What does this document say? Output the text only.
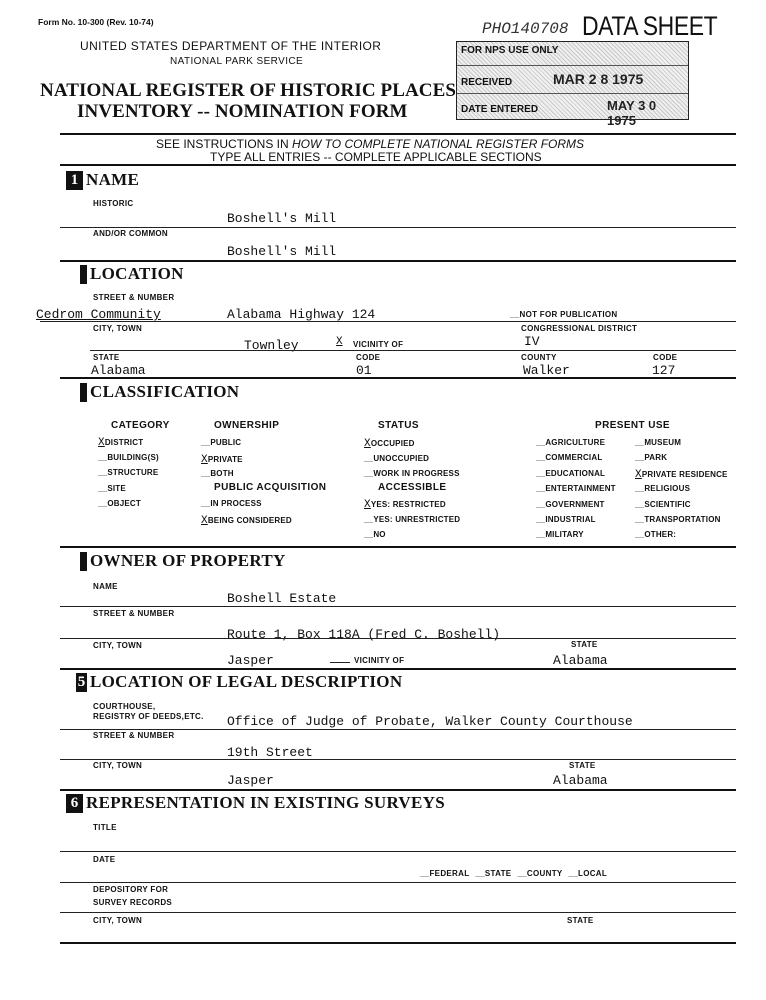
Form No. 10-300 (Rev. 10-74)	PHO140708 DATA SHEET
UNITED STATES DEPARTMENT OF THE INTERIOR
NATIONAL PARK SERVICE
NATIONAL REGISTER OF HISTORIC PLACES
INVENTORY -- NOMINATION FORM
FOR NPS USE ONLY
RECEIVED	MAR 2 8 1975
DATE ENTERED	MAY 3 0 1975
SEE INSTRUCTIONS IN HOW TO COMPLETE NATIONAL REGISTER FORMS
TYPE ALL ENTRIES -- COMPLETE APPLICABLE SECTIONS
1 NAME
HISTORIC
Boshell's Mill
AND/OR COMMON
Boshell's Mill
LOCATION
STREET & NUMBER
Cedrom Community	Alabama Highway 124	__NOT FOR PUBLICATION
CITY, TOWN	CONGRESSIONAL DISTRICT
Townley	X VICINITY OF	IV
STATE	CODE	COUNTY	CODE
Alabama	01	Walker	127
CLASSIFICATION
CATEGORY	OWNERSHIP	STATUS	PRESENT USE
PUBLIC ACQUISITION	ACCESSIBLE
XDISTRICT
__BUILDING(S)
__STRUCTURE
__SITE
__OBJECT
__PUBLIC
XPRIVATE
__BOTH
__IN PROCESS
XBEING CONSIDERED
XOCCUPIED
__UNOCCUPIED
__WORK IN PROGRESS
XYES: RESTRICTED
__YES: UNRESTRICTED
__NO
__AGRICULTURE
__COMMERCIAL
__EDUCATIONAL
__ENTERTAINMENT
__GOVERNMENT
__INDUSTRIAL
__MILITARY
__MUSEUM
__PARK
XPRIVATE RESIDENCE
__RELIGIOUS
__SCIENTIFIC
__TRANSPORTATION
__OTHER:
OWNER OF PROPERTY
NAME
Boshell Estate
STREET & NUMBER
Route 1, Box 118A (Fred C. Boshell)
CITY, TOWN	STATE
Jasper	VICINITY OF	Alabama
5 LOCATION OF LEGAL DESCRIPTION
COURTHOUSE,
REGISTRY OF DEEDS,ETC. Office of Judge of Probate, Walker County Courthouse
STREET & NUMBER
19th Street
CITY, TOWN	STATE
Jasper	Alabama
6 REPRESENTATION IN EXISTING SURVEYS
TITLE
DATE
__FEDERAL __STATE __COUNTY __LOCAL
DEPOSITORY FOR
SURVEY RECORDS
CITY, TOWN	STATE
